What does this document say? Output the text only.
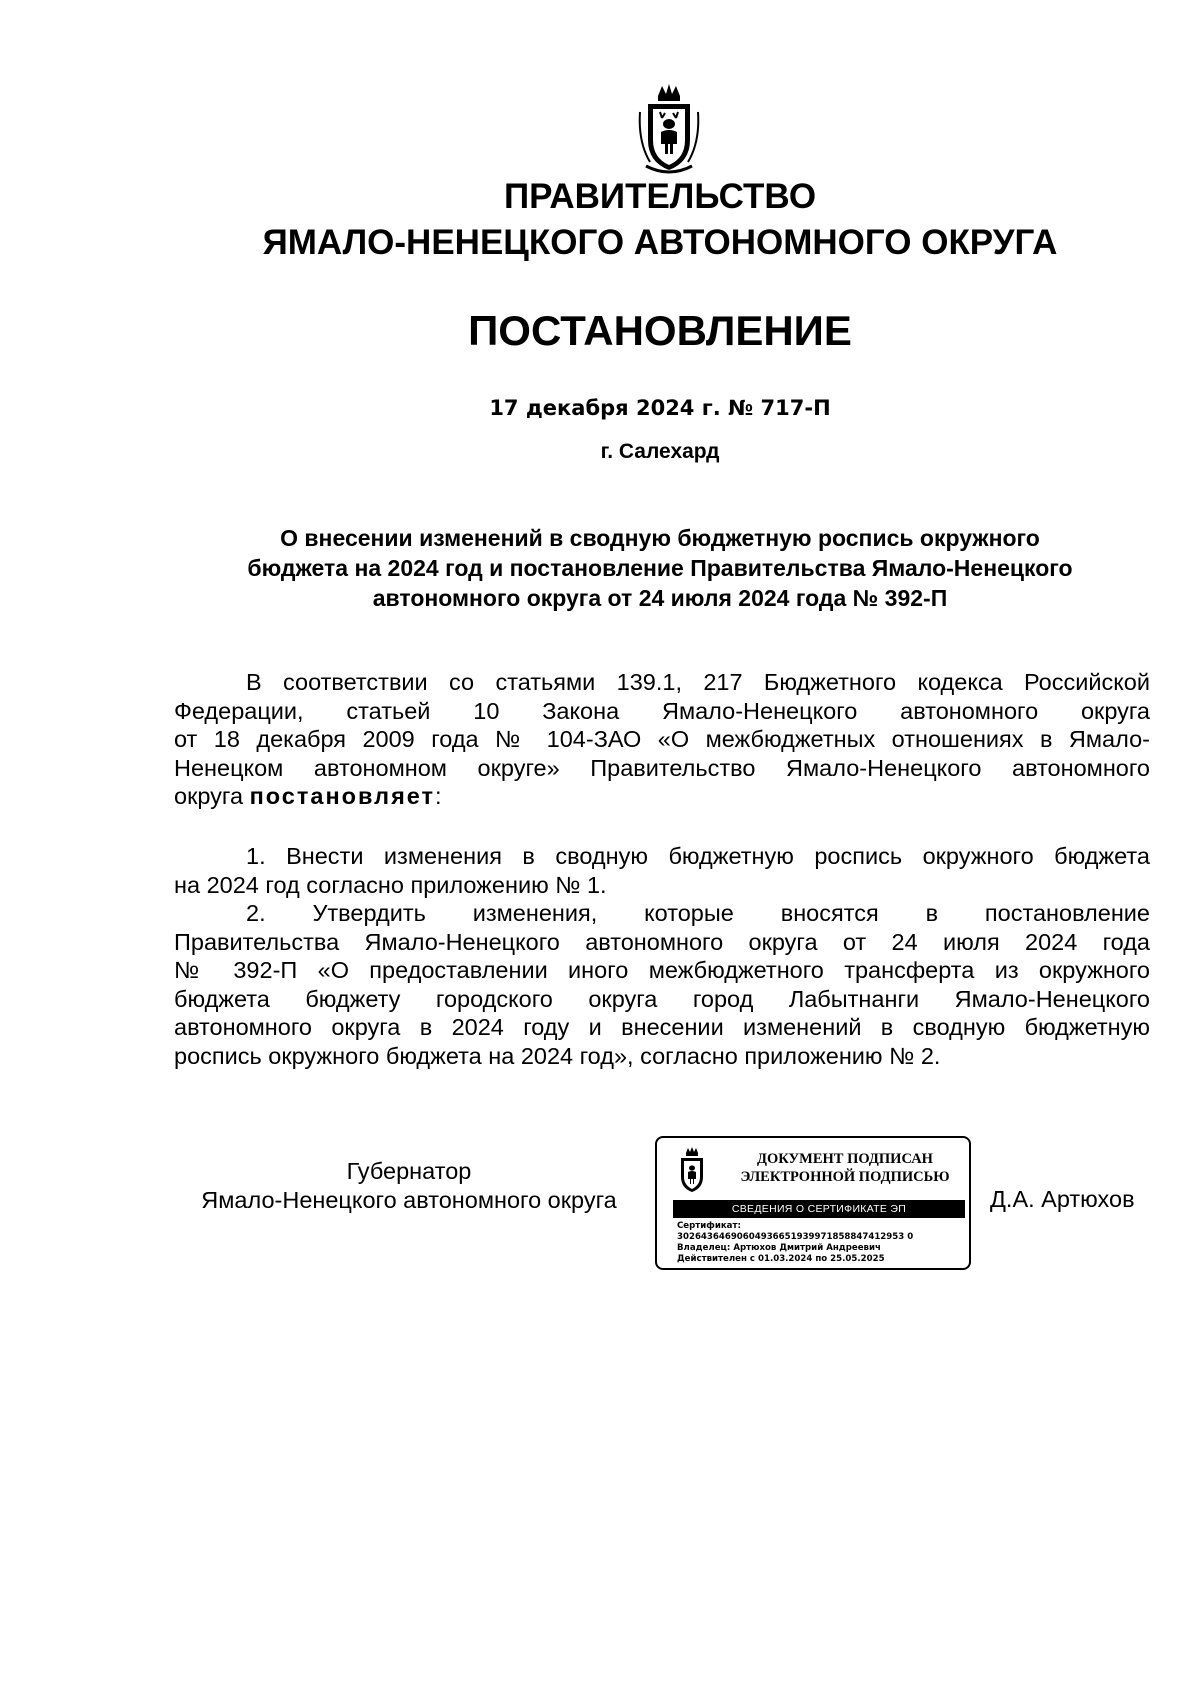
ПРАВИТЕЛЬСТВО
ЯМАЛО-НЕНЕЦКОГО АВТОНОМНОГО ОКРУГА
ПОСТАНОВЛЕНИЕ
17 декабря 2024 г. № 717-П
г. Салехард
О внесении изменений в сводную бюджетную роспись окружного
бюджета на 2024 год и постановление Правительства Ямало-Ненецкого
автономного округа от 24 июля 2024 года № 392-П
В соответствии со статьями 139.1, 217 Бюджетного кодекса Российской
Федерации, статьей 10 Закона Ямало-Ненецкого автономного округа
от 18 декабря 2009 года № 104-ЗАО «О межбюджетных отношениях в Ямало-
Ненецком автономном округе» Правительство Ямало-Ненецкого автономного
округа постановляет:
1. Внести изменения в сводную бюджетную роспись окружного бюджета
на 2024 год согласно приложению № 1.
2. Утвердить изменения, которые вносятся в постановление
Правительства Ямало-Ненецкого автономного округа от 24 июля 2024 года
№ 392-П «О предоставлении иного межбюджетного трансферта из окружного
бюджета бюджету городского округа город Лабытнанги Ямало-Ненецкого
автономного округа в 2024 году и внесении изменений в сводную бюджетную
роспись окружного бюджета на 2024 год», согласно приложению № 2.
Губернатор
Ямало-Ненецкого автономного округа
ДОКУМЕНТ ПОДПИСАН
ЭЛЕКТРОННОЙ ПОДПИСЬЮ
СВЕДЕНИЯ О СЕРТИФИКАТЕ ЭП
Сертификат:
30264364690604936651939971858847412953 0
Владелец: Артюхов Дмитрий Андреевич
Действителен с 01.03.2024 по 25.05.2025
Д.А. Артюхов
